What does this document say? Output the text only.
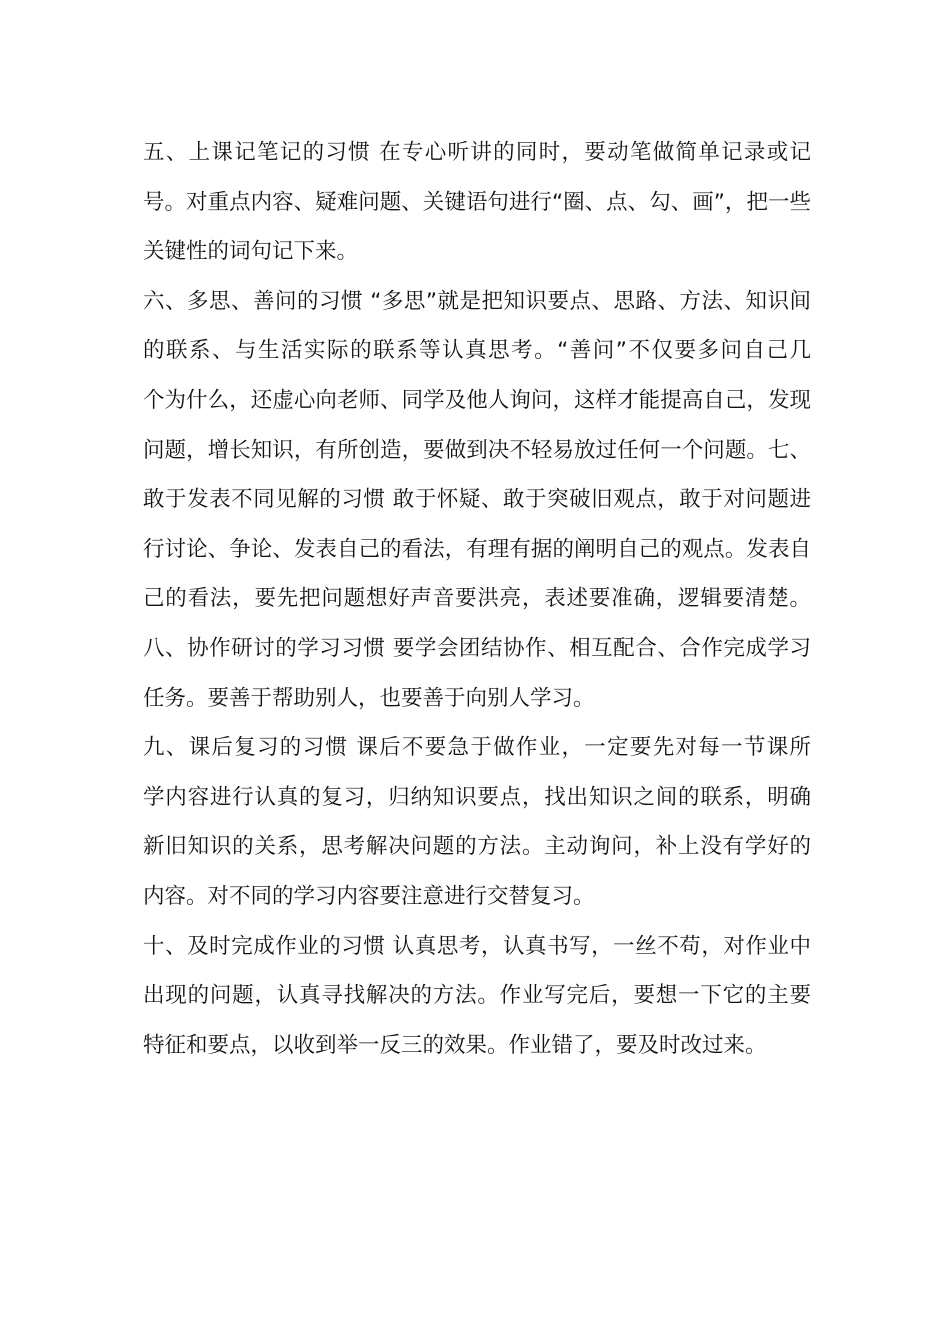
五、上课记笔记的习惯 在专心听讲的同时，要动笔做简单记录或记
号。对重点内容、疑难问题、关键语句进行“圈、点、勾、画”，把一些
关键性的词句记下来。
六、多思、善问的习惯 “多思”就是把知识要点、思路、方法、知识间
的联系、与生活实际的联系等认真思考。“善问”不仅要多问自己几
个为什么，还虚心向老师、同学及他人询问，这样才能提高自己，发现
问题，增长知识，有所创造，要做到决不轻易放过任何一个问题。七、
敢于发表不同见解的习惯 敢于怀疑、敢于突破旧观点，敢于对问题进
行讨论、争论、发表自己的看法，有理有据的阐明自己的观点。发表自
己的看法，要先把问题想好声音要洪亮，表述要准确，逻辑要清楚。
八、协作研讨的学习习惯 要学会团结协作、相互配合、合作完成学习
任务。要善于帮助别人，也要善于向别人学习。
九、课后复习的习惯 课后不要急于做作业，一定要先对每一节课所
学内容进行认真的复习，归纳知识要点，找出知识之间的联系，明确
新旧知识的关系，思考解决问题的方法。主动询问，补上没有学好的
内容。对不同的学习内容要注意进行交替复习。
十、及时完成作业的习惯 认真思考，认真书写，一丝不苟，对作业中
出现的问题，认真寻找解决的方法。作业写完后，要想一下它的主要
特征和要点，以收到举一反三的效果。作业错了，要及时改过来。
